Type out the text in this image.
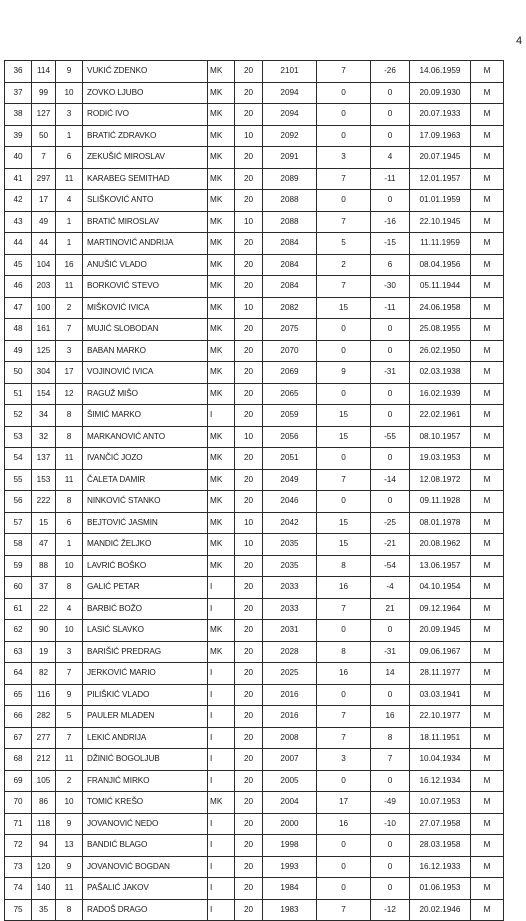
4
36	114	9	VUKIĆ ZDENKO	MK	20	2101	7	-26	14.06.1959	M
37	99	10	ZOVKO LJUBO	MK	20	2094	0	0	20.09.1930	M
38	127	3	RODIĆ IVO	MK	20	2094	0	0	20.07.1933	M
39	50	1	BRATIĆ ZDRAVKO	MK	10	2092	0	0	17.09.1963	M
40	7	6	ZEKUŠIĆ MIROSLAV	MK	20	2091	3	4	20.07.1945	M
41	297	11	KARABEG SEMITHAD	MK	20	2089	7	-11	12.01.1957	M
42	17	4	SLIŠKOVIĆ ANTO	MK	20	2088	0	0	01.01.1959	M
43	49	1	BRATIĆ MIROSLAV	MK	10	2088	7	-16	22.10.1945	M
44	44	1	MARTINOVIĆ ANDRIJA	MK	20	2084	5	-15	11.11.1959	M
45	104	16	ANUŠIĆ VLADO	MK	20	2084	2	6	08.04.1956	M
46	203	11	BORKOVIĆ STEVO	MK	20	2084	7	-30	05.11.1944	M
47	100	2	MIŠKOVIĆ IVICA	MK	10	2082	15	-11	24.06.1958	M
48	161	7	MUJIĆ SLOBODAN	MK	20	2075	0	0	25.08.1955	M
49	125	3	BABAN MARKO	MK	20	2070	0	0	26.02.1950	M
50	304	17	VOJINOVIĆ IVICA	MK	20	2069	9	-31	02.03.1938	M
51	154	12	RAGUŽ MIŠO	MK	20	2065	0	0	16.02.1939	M
52	34	8	ŠIMIĆ MARKO	I	20	2059	15	0	22.02.1961	M
53	32	8	MARKANOVIĆ ANTO	MK	10	2056	15	-55	08.10.1957	M
54	137	11	IVANČIĆ JOZO	MK	20	2051	0	0	19.03.1953	M
55	153	11	ČALETA DAMIR	MK	20	2049	7	-14	12.08.1972	M
56	222	8	NINKOVIĆ STANKO	MK	20	2046	0	0	09.11.1928	M
57	15	6	BEJTOVIĆ JASMIN	MK	10	2042	15	-25	08.01.1978	M
58	47	1	MANDIĆ ŽELJKO	MK	10	2035	15	-21	20.08.1962	M
59	88	10	LAVRIĆ BOŠKO	MK	20	2035	8	-54	13.06.1957	M
60	37	8	GALIĆ PETAR	I	20	2033	16	-4	04.10.1954	M
61	22	4	BARBIĆ BOŽO	I	20	2033	7	21	09.12.1964	M
62	90	10	LASIĆ SLAVKO	MK	20	2031	0	0	20.09.1945	M
63	19	3	BARIŠIĆ PREDRAG	MK	20	2028	8	-31	09.06.1967	M
64	82	7	JERKOVIĆ MARIO	I	20	2025	16	14	28.11.1977	M
65	116	9	PILIŠKIĆ VLADO	I	20	2016	0	0	03.03.1941	M
66	282	5	PAULER MLADEN	I	20	2016	7	16	22.10.1977	M
67	277	7	LEKIĆ ANDRIJA	I	20	2008	7	8	18.11.1951	M
68	212	11	DŽINIĆ BOGOLJUB	I	20	2007	3	7	10.04.1934	M
69	105	2	FRANJIĆ MIRKO	I	20	2005	0	0	16.12.1934	M
70	86	10	TOMIĆ KREŠO	MK	20	2004	17	-49	10.07.1953	M
71	118	9	JOVANOVIĆ NEDO	I	20	2000	16	-10	27.07.1958	M
72	94	13	BANDIĆ BLAGO	I	20	1998	0	0	28.03.1958	M
73	120	9	JOVANOVIĆ BOGDAN	I	20	1993	0	0	16.12.1933	M
74	140	11	PAŠALIĆ JAKOV	I	20	1984	0	0	01.06.1953	M
75	35	8	RADOŠ DRAGO	I	20	1983	7	-12	20.02.1946	M
